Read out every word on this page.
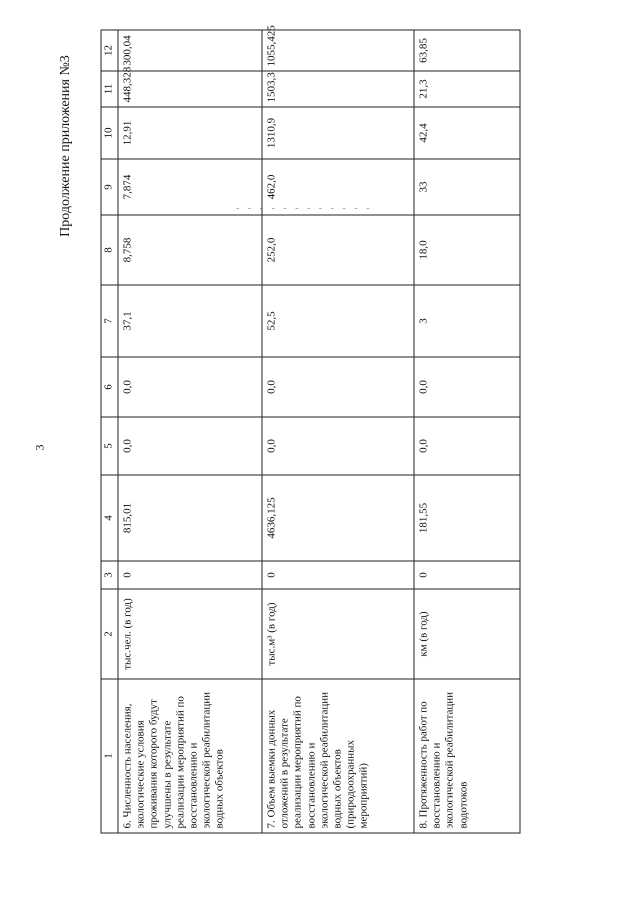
3
Продолжение приложения №3	- - - - - - - - - - - -
1	2	3	4	5	6	7	8	9	10	11	12
6. Численность населения, экологические условия проживания которого будут улучшены в результате реализации мероприятий по восстановлению и экологической реабилитации водных объектов	тыс.чел. (в год)	0	815,01	0,0	0,0	37,1	8,758	7,874	12,91	448,328	300,04
7. Объем выемки донных отложений в результате реализации мероприятий по восстановлению и экологической реабилитации водных объектов (природоохранных мероприятий)	тыс.м³ (в год)	0	4636,125	0,0	0,0	52,5	252,0	462,0	1310,9	1503,3	1055,425
8. Протяженность работ по восстановлению и экологической реабилитации водотоков	км (в год)	0	181,55	0,0	0,0	3	18,0	33	42,4	21,3	63,85
